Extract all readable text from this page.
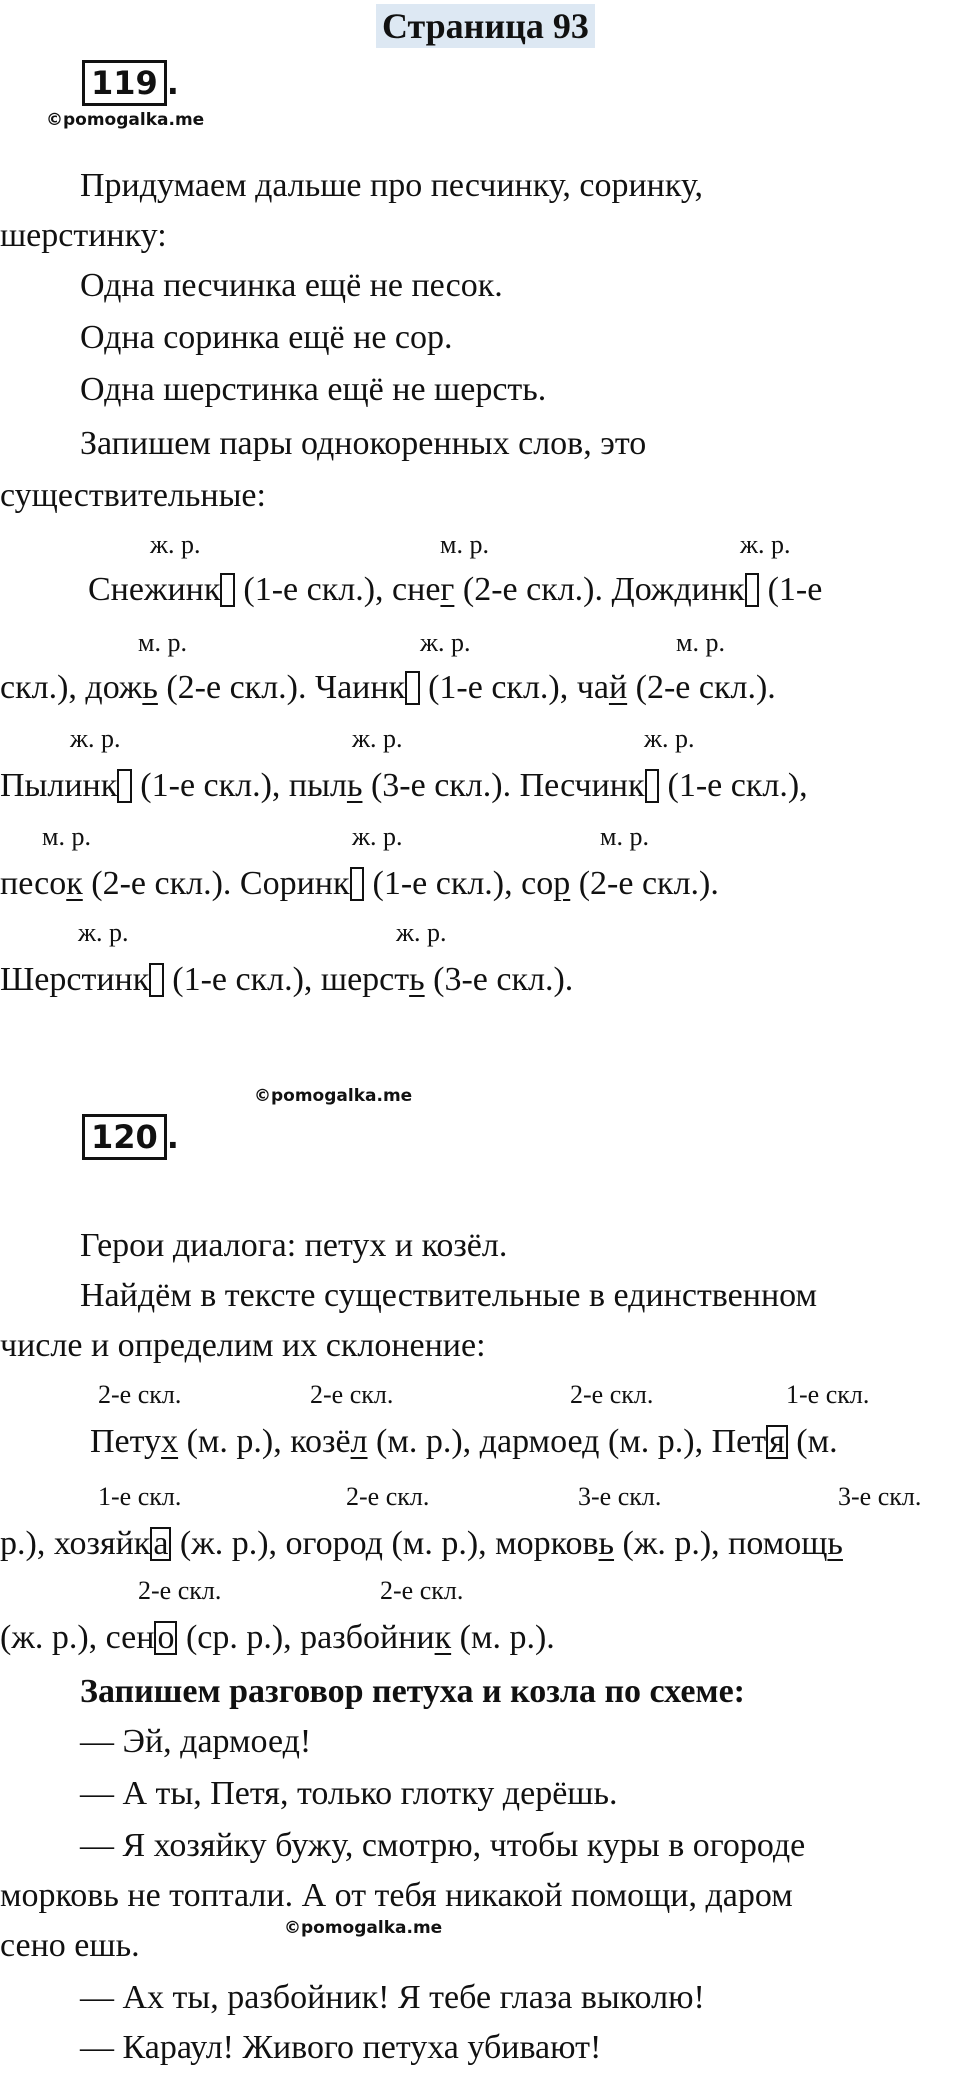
Страница 93
119 .
©pomogalka.me
Придумаем дальше про песчинку, соринку,
шерстинку:
Одна песчинка ещё не песок.
Одна соринка ещё не сор.
Одна шерстинка ещё не шерсть.
Запишем пары однокоренных слов, это
существительные:
ж. р.	м. р.	ж. р.
Снежинк  (1-е скл.), снег (2-е скл.). Дождинк  (1-е
м. р.	ж. р.	м. р.
скл.), дожь (2-е скл.). Чаинк  (1-е скл.), чай (2-е скл.).
ж. р.	ж. р.	ж. р.
Пылинк  (1-е скл.), пыль (3-е скл.). Песчинк  (1-е скл.),
м. р.	ж. р.	м. р.
песок (2-е скл.). Соринк  (1-е скл.), сор (2-е скл.).
ж. р.	ж. р.
Шерстинк  (1-е скл.), шерсть (3-е скл.).
©pomogalka.me
120 .
Герои диалога: петух и козёл.
Найдём в тексте существительные в единственном
числе и определим их склонение:
2-е скл.	2-е скл.	2-е скл.	1-е скл.
Петух (м. р.), козёл (м. р.), дармоед (м. р.), Петя (м.
1-е скл.	2-е скл.	3-е скл.	3-е скл.
р.), хозяйка (ж. р.), огород (м. р.), морковь (ж. р.), помощь
2-е скл.	2-е скл.
(ж. р.), сено (ср. р.), разбойник (м. р.).
Запишем разговор петуха и козла по схеме:
— Эй, дармоед!
— А ты, Петя, только глотку дерёшь.
— Я хозяйку бужу, смотрю, чтобы куры в огороде
морковь не топтали. А от тебя никакой помощи, даром
сено ешь.	©pomogalka.me
— Ах ты, разбойник! Я тебе глаза выколю!
— Караул! Живого петуха убивают!
